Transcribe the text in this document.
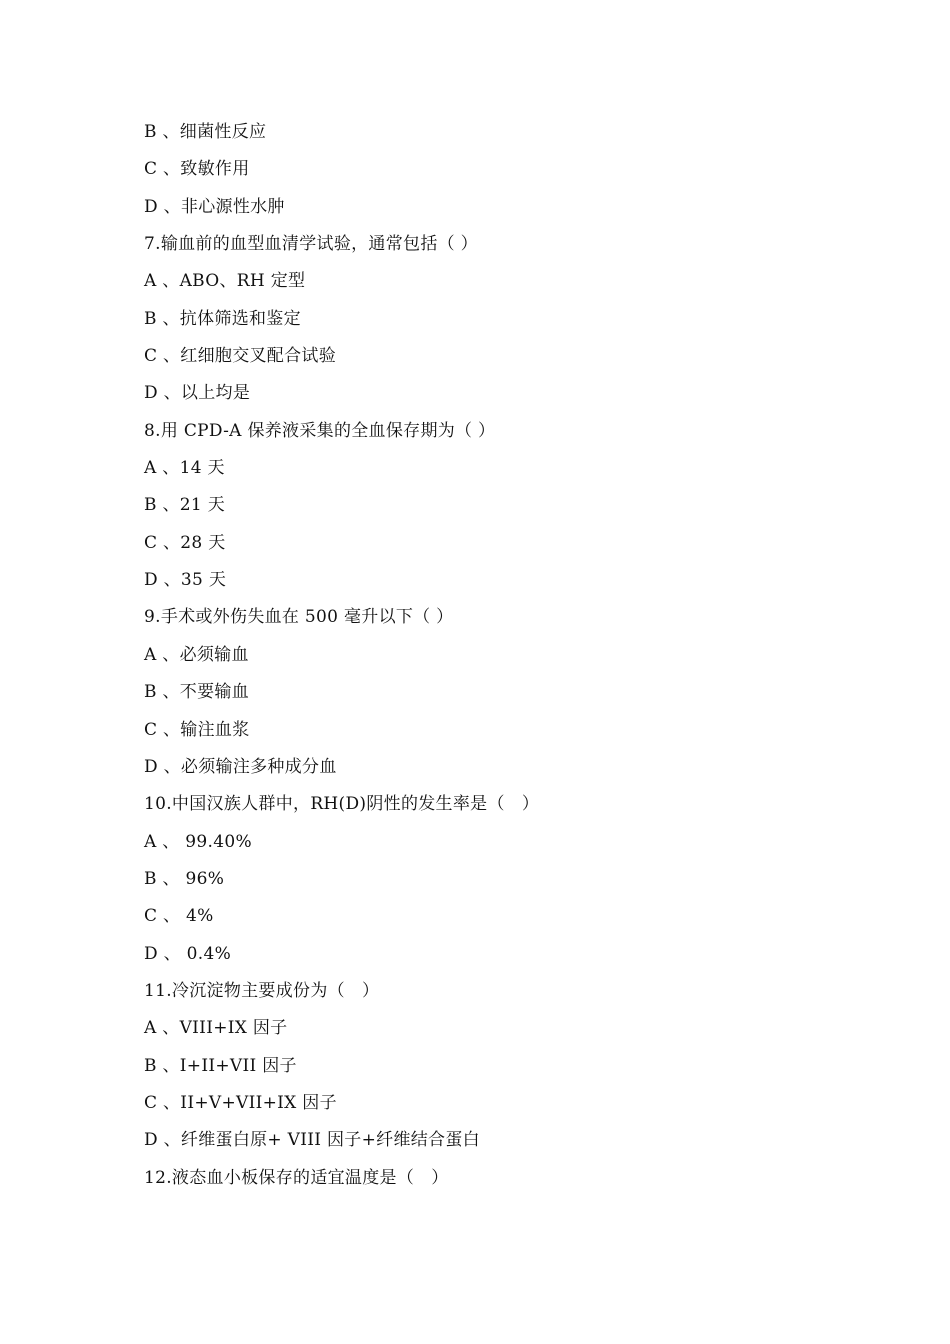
B 、细菌性反应
C 、致敏作用
D 、非心源性水肿
7.输血前的血型血清学试验，通常包括（ ）
A 、ABO、RH 定型
B 、抗体筛选和鉴定
C 、红细胞交叉配合试验
D 、以上均是
8.用 CPD-A 保养液采集的全血保存期为（ ）
A 、14 天
B 、21 天
C 、28 天
D 、35 天
9.手术或外伤失血在 500 毫升以下（ ）
A 、必须输血
B 、不要输血
C 、输注血浆
D 、必须输注多种成分血
10.中国汉族人群中，RH(D)阴性的发生率是（   ）
A 、 99.40%
B 、 96%
C 、 4%
D 、 0.4%
11.冷沉淀物主要成份为（   ）
A 、VIII+IX 因子
B 、I+II+VII 因子
C 、II+V+VII+IX 因子
D 、纤维蛋白原+ VIII 因子+纤维结合蛋白
12.液态血小板保存的适宜温度是（   ）
